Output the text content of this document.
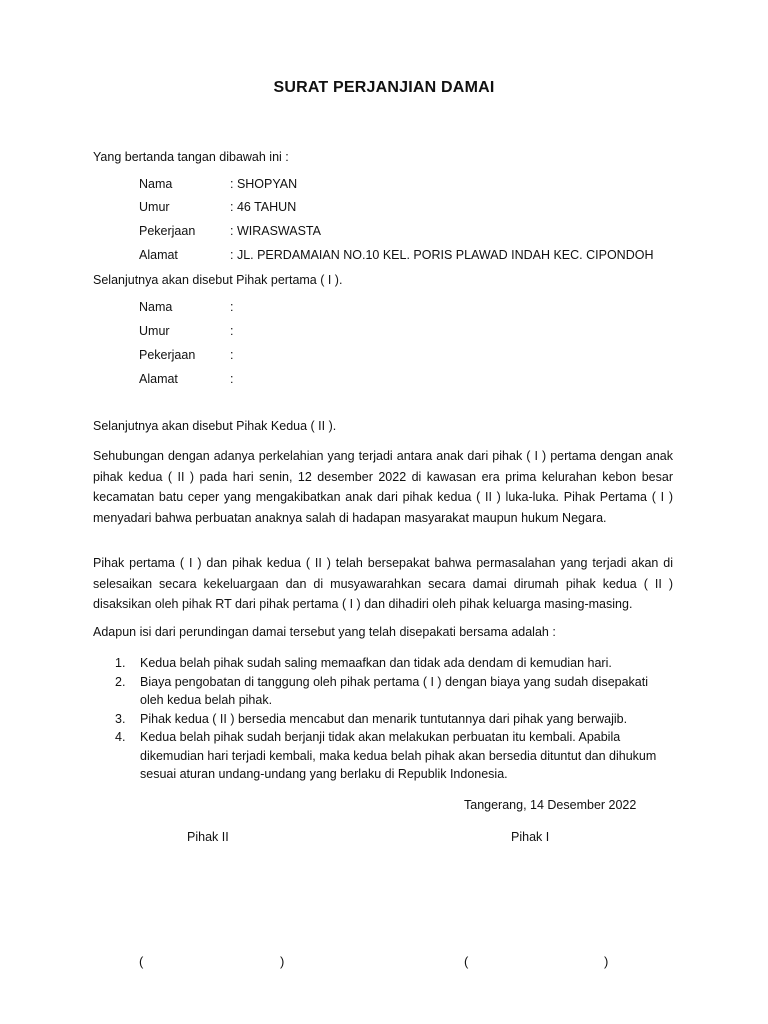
SURAT PERJANJIAN DAMAI
Yang bertanda tangan dibawah ini :
Nama	: SHOPYAN
Umur	: 46 TAHUN
Pekerjaan	: WIRASWASTA
Alamat	: JL. PERDAMAIAN NO.10 KEL. PORIS PLAWAD INDAH KEC. CIPONDOH
Selanjutnya akan disebut Pihak pertama ( I ).
Nama	:
Umur	:
Pekerjaan	:
Alamat	:
Selanjutnya akan disebut Pihak Kedua ( II ).
Sehubungan dengan adanya perkelahian yang terjadi antara anak dari pihak ( I ) pertama dengan anak pihak kedua ( II ) pada hari senin, 12 desember 2022 di kawasan era prima kelurahan kebon besar kecamatan batu ceper yang mengakibatkan anak dari pihak kedua ( II ) luka-luka. Pihak Pertama ( I ) menyadari bahwa perbuatan anaknya salah di hadapan masyarakat maupun hukum Negara.
Pihak pertama ( I ) dan pihak kedua ( II ) telah bersepakat bahwa permasalahan yang terjadi akan di selesaikan secara kekeluargaan dan di musyawarahkan secara damai dirumah pihak kedua ( II ) disaksikan oleh pihak RT dari pihak pertama ( I ) dan dihadiri oleh pihak keluarga masing-masing.
Adapun isi dari perundingan damai tersebut yang telah disepakati bersama adalah :
1. Kedua belah pihak sudah saling memaafkan dan tidak ada dendam di kemudian hari.
2. Biaya pengobatan di tanggung oleh pihak pertama ( I ) dengan biaya yang sudah disepakati oleh kedua belah pihak.
3. Pihak kedua ( II ) bersedia mencabut dan menarik tuntutannya dari pihak yang berwajib.
4. Kedua belah pihak sudah berjanji tidak akan melakukan perbuatan itu kembali. Apabila dikemudian hari terjadi kembali, maka kedua belah pihak akan bersedia dituntut dan dihukum sesuai aturan undang-undang yang berlaku di Republik Indonesia.
Tangerang, 14 Desember 2022
Pihak II	Pihak I
(	)	(	)
